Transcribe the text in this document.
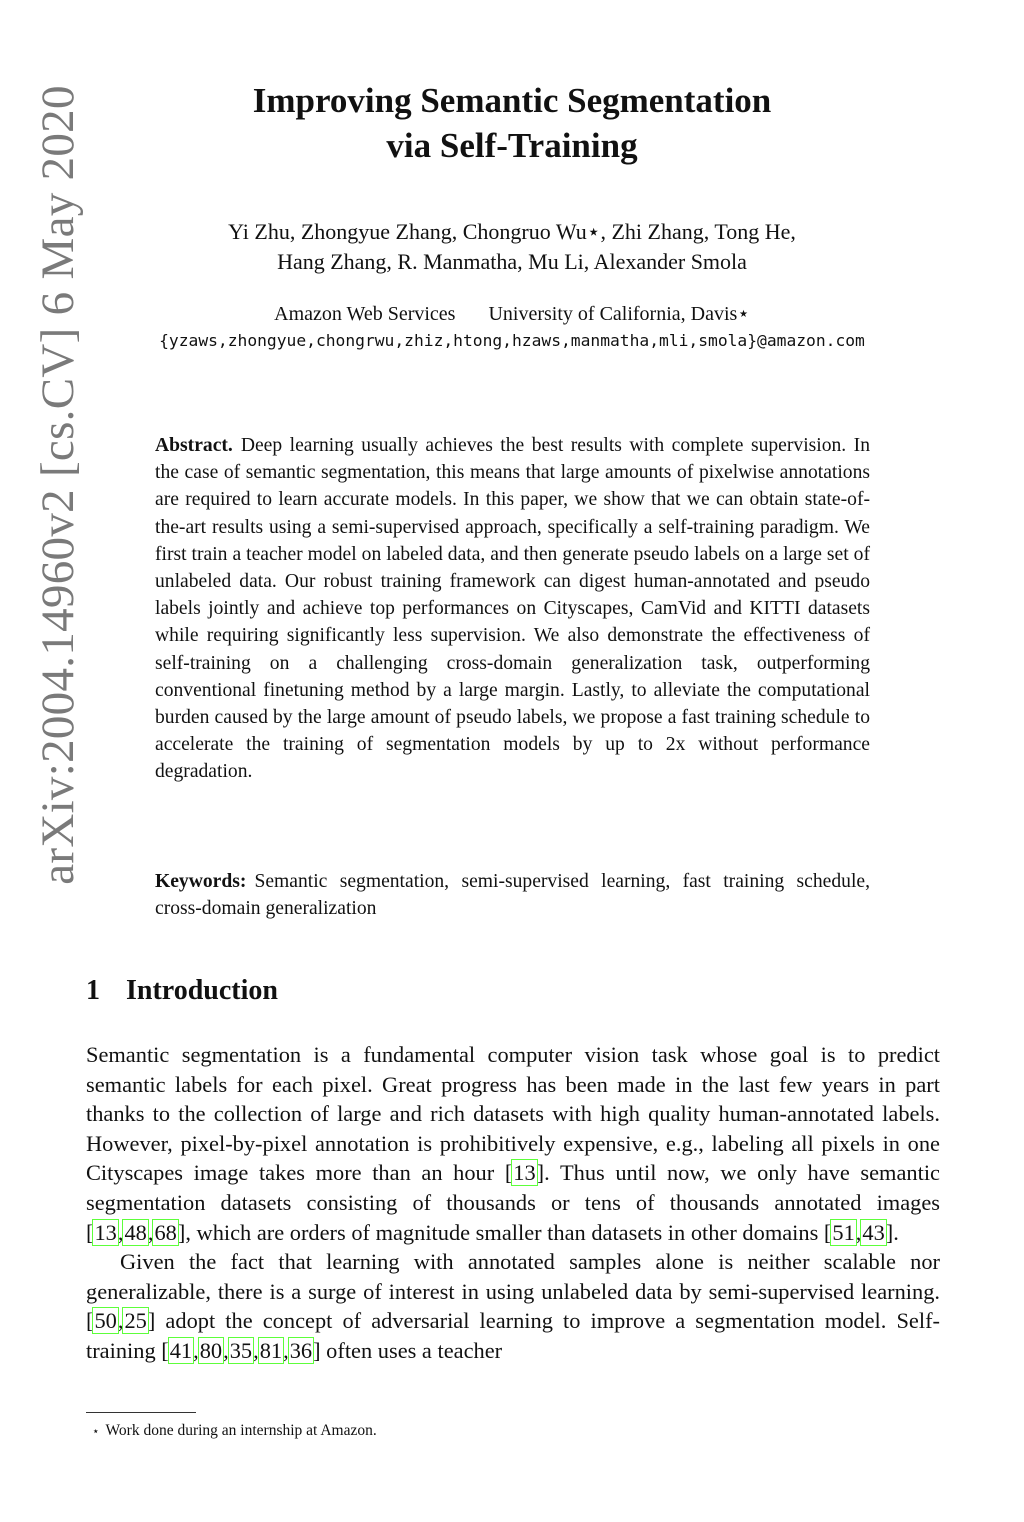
arXiv:2004.14960v2 [cs.CV] 6 May 2020	Improving Semantic Segmentation
via Self-Training
Yi Zhu, Zhongyue Zhang, Chongruo Wu⋆, Zhi Zhang, Tong He,
Hang Zhang, R. Manmatha, Mu Li, Alexander Smola
Amazon Web Services University of California, Davis⋆
{yzaws,zhongyue,chongrwu,zhiz,htong,hzaws,manmatha,mli,smola}@amazon.com

Abstract. Deep learning usually achieves the best results with complete supervision. In the case of semantic segmentation, this means that large amounts of pixelwise annotations are required to learn accurate models. In this paper, we show that we can obtain state-of-the-art results using a semi-supervised approach, specifically a self-training paradigm. We first train a teacher model on labeled data, and then generate pseudo labels on a large set of unlabeled data. Our robust training framework can digest human-annotated and pseudo labels jointly and achieve top performances on Cityscapes, CamVid and KITTI datasets while requiring significantly less supervision. We also demonstrate the effectiveness of self-training on a challenging cross-domain generalization task, outperforming conventional finetuning method by a large margin. Lastly, to alleviate the computational burden caused by the large amount of pseudo labels, we propose a fast training schedule to accelerate the training of segmentation models by up to 2x without performance degradation.

Keywords: Semantic segmentation, semi-supervised learning, fast training schedule, cross-domain generalization

1 Introduction

Semantic segmentation is a fundamental computer vision task whose goal is to predict semantic labels for each pixel. Great progress has been made in the last few years in part thanks to the collection of large and rich datasets with high quality human-annotated labels. However, pixel-by-pixel annotation is prohibitively expensive, e.g., labeling all pixels in one Cityscapes image takes more than an hour [13]. Thus until now, we only have semantic segmentation datasets consisting of thousands or tens of thousands annotated images [13,48,68], which are orders of magnitude smaller than datasets in other domains [51,43].

Given the fact that learning with annotated samples alone is neither scalable nor generalizable, there is a surge of interest in using unlabeled data by semi-supervised learning. [50,25] adopt the concept of adversarial learning to improve a segmentation model. Self-training [41,80,35,81,36] often uses a teacher

⋆ Work done during an internship at Amazon.
